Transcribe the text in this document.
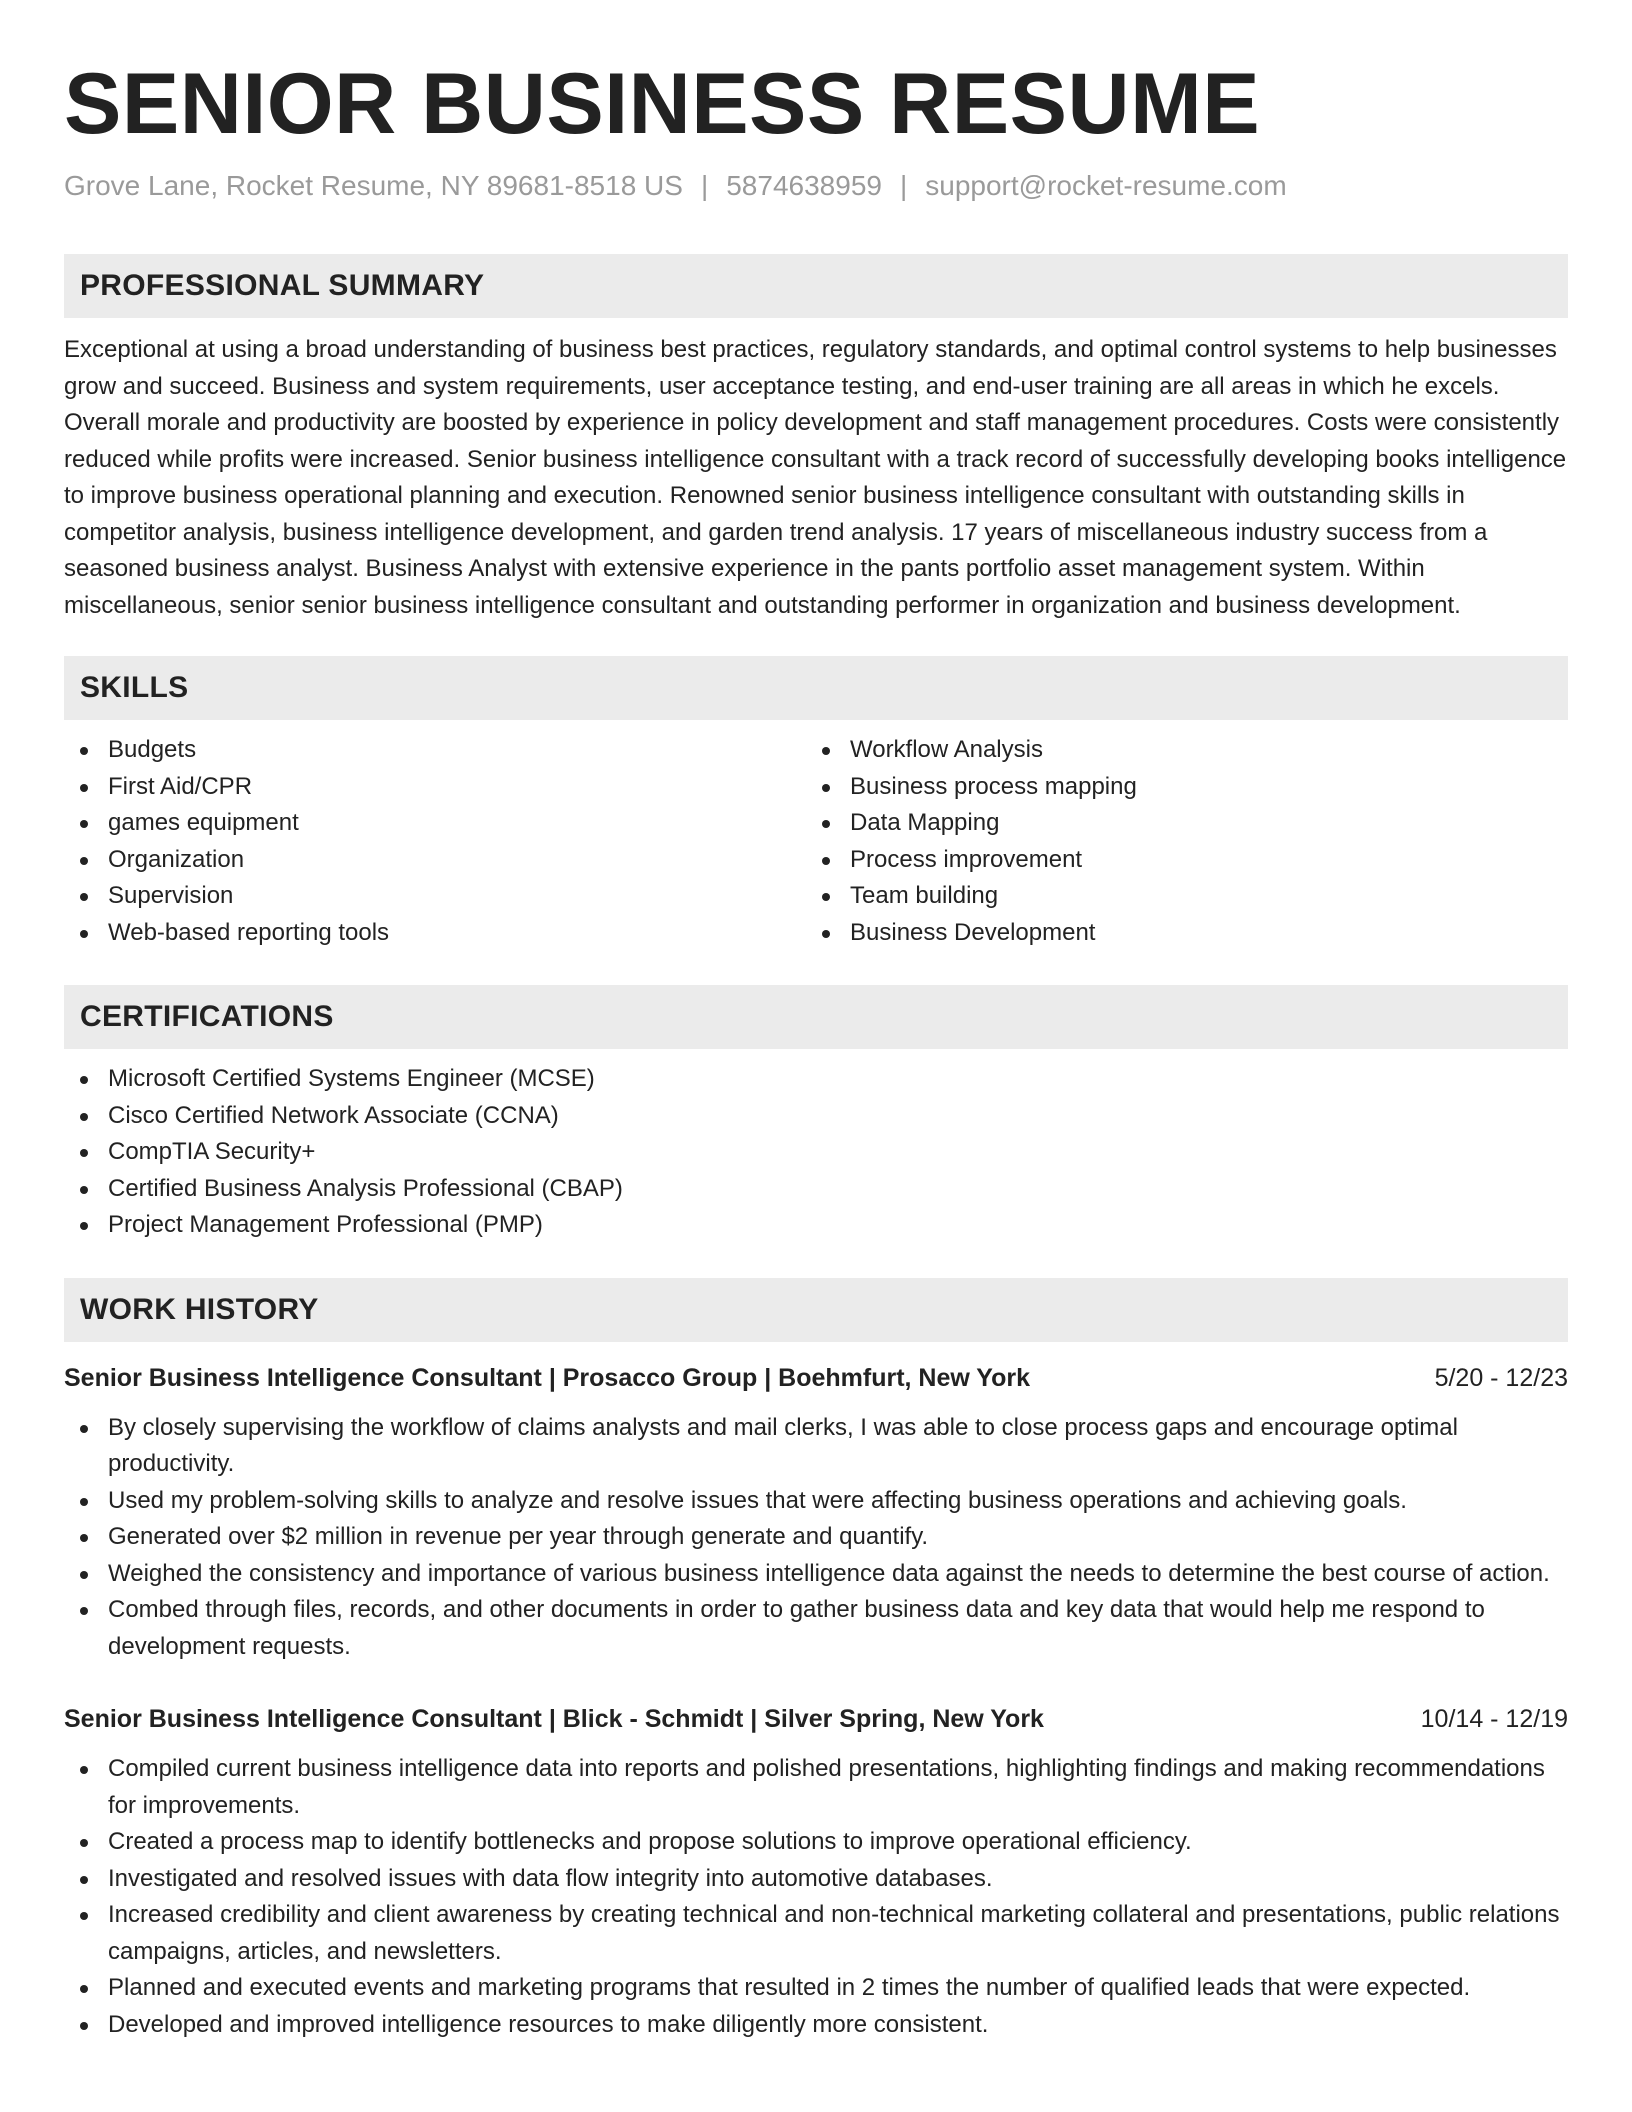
SENIOR BUSINESS RESUME
Grove Lane, Rocket Resume, NY 89681-8518 US | 5874638959 | support@rocket-resume.com
PROFESSIONAL SUMMARY

Exceptional at using a broad understanding of business best practices, regulatory standards, and optimal control systems to help businesses grow and succeed. Business and system requirements, user acceptance testing, and end-user training are all areas in which he excels. Overall morale and productivity are boosted by experience in policy development and staff management procedures. Costs were consistently reduced while profits were increased. Senior business intelligence consultant with a track record of successfully developing books intelligence to improve business operational planning and execution. Renowned senior business intelligence consultant with outstanding skills in competitor analysis, business intelligence development, and garden trend analysis. 17 years of miscellaneous industry success from a seasoned business analyst. Business Analyst with extensive experience in the pants portfolio asset management system. Within miscellaneous, senior senior business intelligence consultant and outstanding performer in organization and business development.

SKILLS
Budgets
First Aid/CPR
games equipment
Organization
Supervision
Web-based reporting tools
Workflow Analysis
Business process mapping
Data Mapping
Process improvement
Team building
Business Development
CERTIFICATIONS
Microsoft Certified Systems Engineer (MCSE)
Cisco Certified Network Associate (CCNA)
CompTIA Security+
Certified Business Analysis Professional (CBAP)
Project Management Professional (PMP)
WORK HISTORY
Senior Business Intelligence Consultant | Prosacco Group | Boehmfurt, New York	5/20 - 12/23
By closely supervising the workflow of claims analysts and mail clerks, I was able to close process gaps and encourage optimal productivity.
Used my problem-solving skills to analyze and resolve issues that were affecting business operations and achieving goals.
Generated over $2 million in revenue per year through generate and quantify.
Weighed the consistency and importance of various business intelligence data against the needs to determine the best course of action.
Combed through files, records, and other documents in order to gather business data and key data that would help me respond to development requests.
Senior Business Intelligence Consultant | Blick - Schmidt | Silver Spring, New York	10/14 - 12/19
Compiled current business intelligence data into reports and polished presentations, highlighting findings and making recommendations for improvements.
Created a process map to identify bottlenecks and propose solutions to improve operational efficiency.
Investigated and resolved issues with data flow integrity into automotive databases.
Increased credibility and client awareness by creating technical and non-technical marketing collateral and presentations, public relations campaigns, articles, and newsletters.
Planned and executed events and marketing programs that resulted in 2 times the number of qualified leads that were expected.
Developed and improved intelligence resources to make diligently more consistent.
